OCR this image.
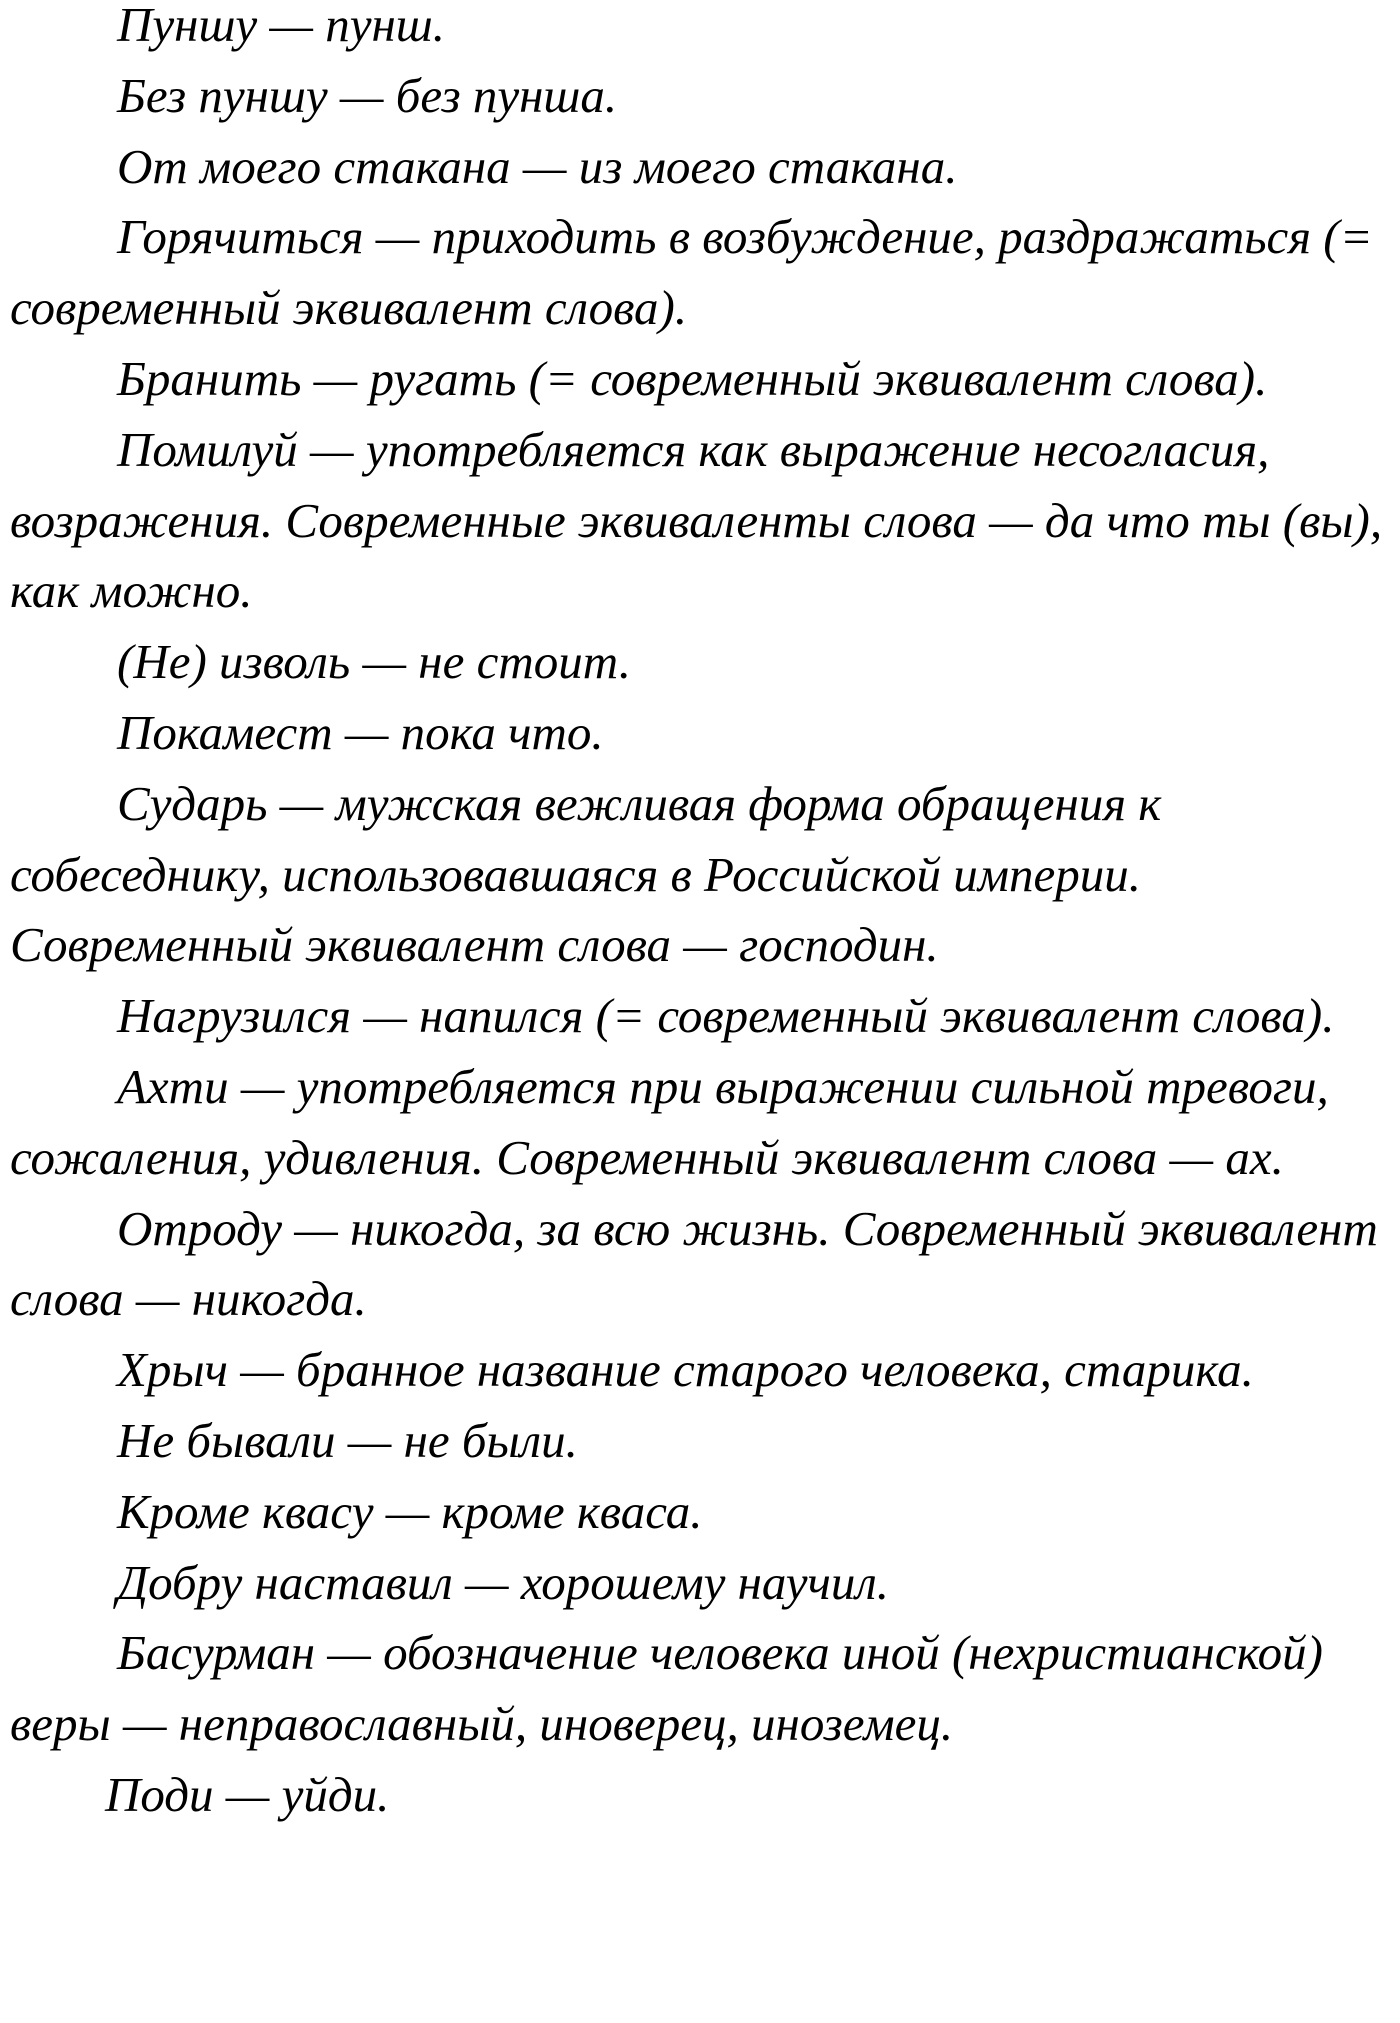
Пуншу — пунш.

Без пуншу — без пунша.

От моего стакана — из моего стакана.

Горячиться — приходить в возбуждение, раздражаться (= современный эквивалент слова).

Бранить — ругать (= современный эквивалент слова).

Помилуй — употребляется как выражение несогласия, возражения. Современные эквиваленты слова — да что ты (вы), как можно.

(Не) изволь — не стоит.

Покамест — пока что.

Сударь — мужская вежливая форма обращения к собеседнику, использовавшаяся в Российской империи. Современный эквивалент слова — господин.

Нагрузился — напился (= современный эквивалент слова).

Ахти — употребляется при выражении сильной тревоги, сожаления, удивления. Современный эквивалент слова — ах.

Отроду — никогда, за всю жизнь. Современный эквивалент слова — никогда.

Хрыч — бранное название старого человека, старика.

Не бывали — не были.

Кроме квасу — кроме кваса.

Добру наставил — хорошему научил.

Басурман — обозначение человека иной (нехристианской) веры — неправославный, иноверец, иноземец.

Поди — уйди.
